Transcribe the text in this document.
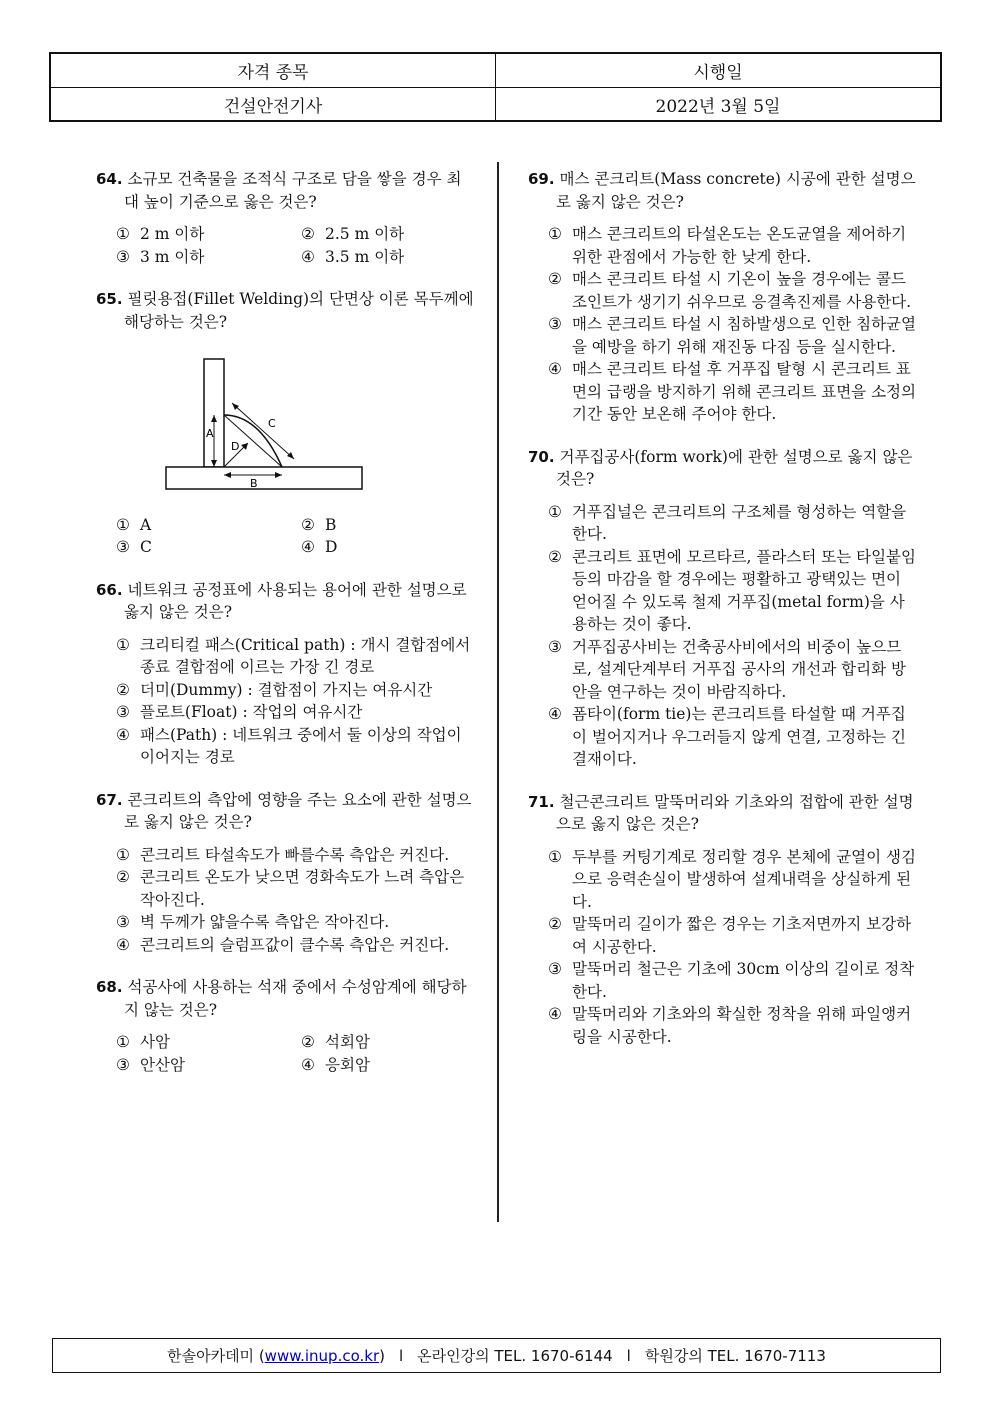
자격 종목	시행일
건설안전기사	2022년 3월 5일
64. 소규모 건축물을 조적식 구조로 담을 쌓을 경우 최대 높이 기준으로 옳은 것은?
① 2 m 이하	② 2.5 m 이하
③ 3 m 이하	④ 3.5 m 이하
65. 필릿용접(Fillet Welding)의 단면상 이론 목두께에 해당하는 것은?
A
B
C
D
① A	② B
③ C	④ D
66. 네트워크 공정표에 사용되는 용어에 관한 설명으로 옳지 않은 것은?
① 크리티컬 패스(Critical path) : 개시 결합점에서 종료 결합점에 이르는 가장 긴 경로
② 더미(Dummy) : 결합점이 가지는 여유시간
③ 플로트(Float) : 작업의 여유시간
④ 패스(Path) : 네트워크 중에서 둘 이상의 작업이 이어지는 경로
67. 콘크리트의 측압에 영향을 주는 요소에 관한 설명으로 옳지 않은 것은?
① 콘크리트 타설속도가 빠를수록 측압은 커진다.
② 콘크리트 온도가 낮으면 경화속도가 느려 측압은 작아진다.
③ 벽 두께가 얇을수록 측압은 작아진다.
④ 콘크리트의 슬럼프값이 클수록 측압은 커진다.
68. 석공사에 사용하는 석재 중에서 수성암계에 해당하지 않는 것은?
① 사암	② 석회암
③ 안산암	④ 응회암
69. 매스 콘크리트(Mass concrete) 시공에 관한 설명으로 옳지 않은 것은?
① 매스 콘크리트의 타설온도는 온도균열을 제어하기 위한 관점에서 가능한 한 낮게 한다.
② 매스 콘크리트 타설 시 기온이 높을 경우에는 콜드조인트가 생기기 쉬우므로 응결촉진제를 사용한다.
③ 매스 콘크리트 타설 시 침하발생으로 인한 침하균열을 예방을 하기 위해 재진동 다짐 등을 실시한다.
④ 매스 콘크리트 타설 후 거푸집 탈형 시 콘크리트 표면의 급랭을 방지하기 위해 콘크리트 표면을 소정의 기간 동안 보온해 주어야 한다.
70. 거푸집공사(form work)에 관한 설명으로 옳지 않은 것은?
① 거푸집널은 콘크리트의 구조체를 형성하는 역할을 한다.
② 콘크리트 표면에 모르타르, 플라스터 또는 타일붙임 등의 마감을 할 경우에는 평활하고 광택있는 면이 얻어질 수 있도록 철제 거푸집(metal form)을 사용하는 것이 좋다.
③ 거푸집공사비는 건축공사비에서의 비중이 높으므로, 설계단계부터 거푸집 공사의 개선과 합리화 방안을 연구하는 것이 바람직하다.
④ 폼타이(form tie)는 콘크리트를 타설할 때 거푸집이 벌어지거나 우그러들지 않게 연결, 고정하는 긴결재이다.
71. 철근콘크리트 말뚝머리와 기초와의 접합에 관한 설명으로 옳지 않은 것은?
① 두부를 커팅기계로 정리할 경우 본체에 균열이 생김으로 응력손실이 발생하여 설계내력을 상실하게 된다.
② 말뚝머리 길이가 짧은 경우는 기초저면까지 보강하여 시공한다.
③ 말뚝머리 철근은 기초에 30cm 이상의 길이로 정착한다.
④ 말뚝머리와 기초와의 확실한 정착을 위해 파일앵커링을 시공한다.
한솔아카데미 ( www.inup.co.kr ) l 온라인강의 TEL. 1670-6144 l 학원강의 TEL. 1670-7113
